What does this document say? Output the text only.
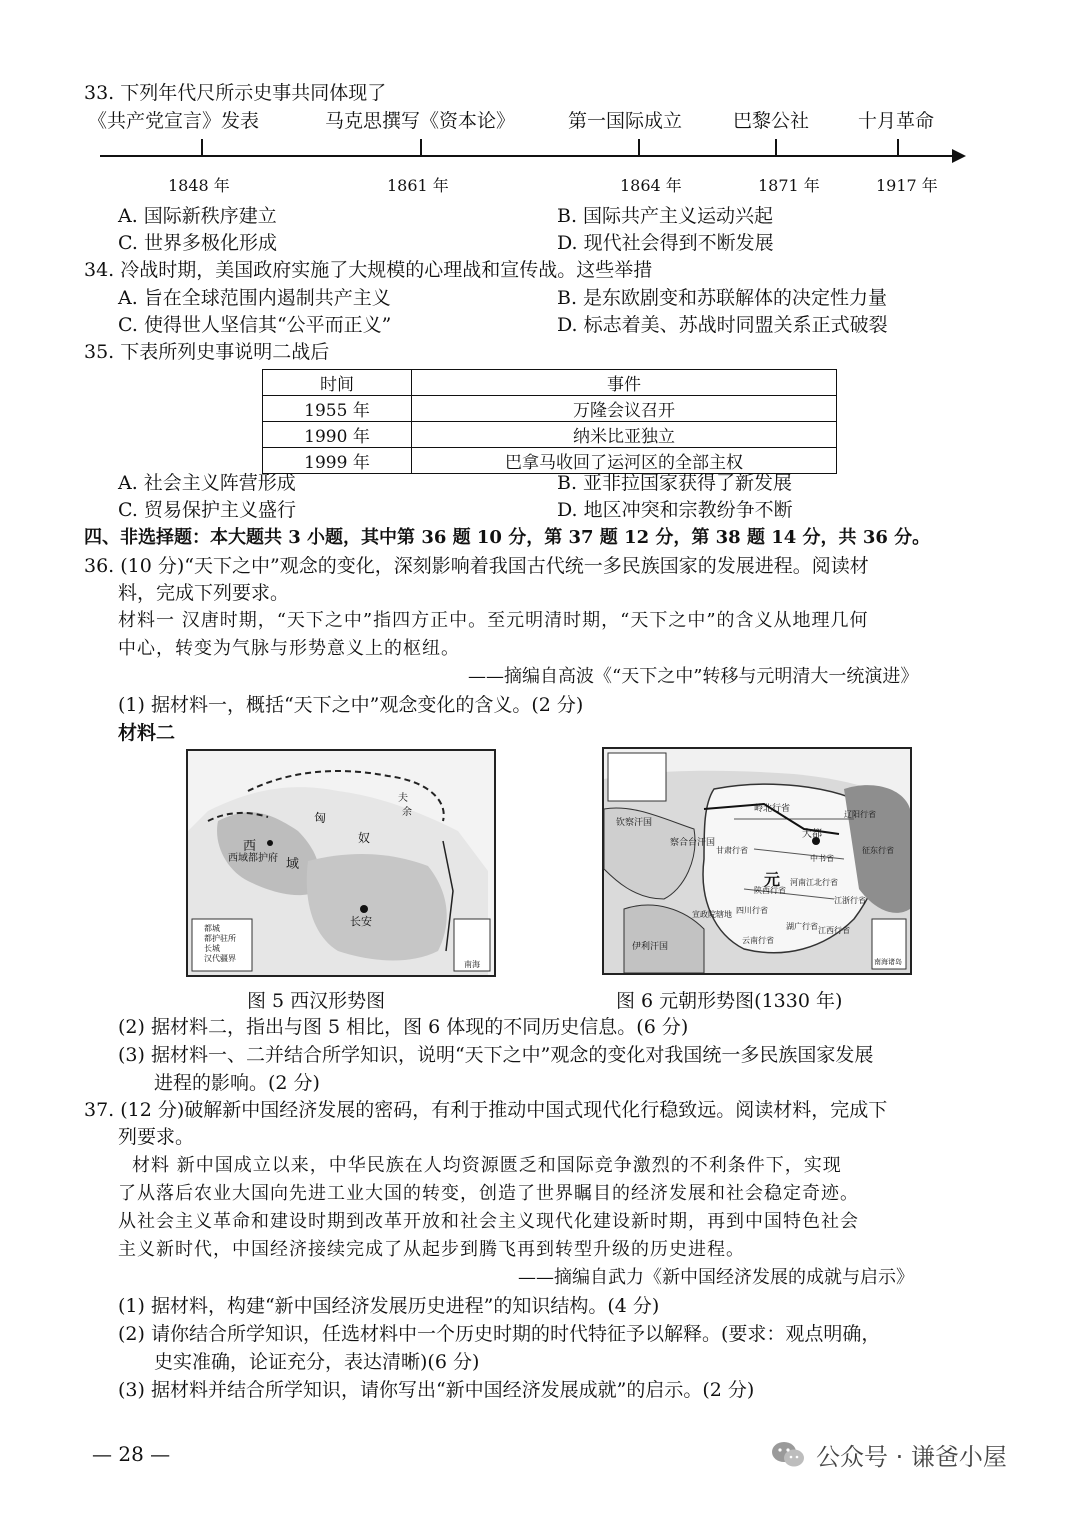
33. 下列年代尺所示史事共同体现了
《共产党宣言》发表	马克思撰写《资本论》	第一国际成立	巴黎公社	十月革命
1848 年	1861 年	1864 年	1871 年	1917 年
A. 国际新秩序建立	B. 国际共产主义运动兴起
C. 世界多极化形成	D. 现代社会得到不断发展
34. 冷战时期，美国政府实施了大规模的心理战和宣传战。这些举措
A. 旨在全球范围内遏制共产主义	B. 是东欧剧变和苏联解体的决定性力量
C. 使得世人坚信其“公平而正义”	D. 标志着美、苏战时同盟关系正式破裂
35. 下表所列史事说明二战后
时间	事件
1955 年	万隆会议召开
1990 年	纳米比亚独立
1999 年	巴拿马收回了运河区的全部主权
A. 社会主义阵营形成	B. 亚非拉国家获得了新发展
C. 贸易保护主义盛行	D. 地区冲突和宗教纷争不断
四、非选择题：本大题共 3 小题，其中第 36 题 10 分，第 37 题 12 分，第 38 题 14 分，共 36 分。
36. (10 分)“天下之中”观念的变化，深刻影响着我国古代统一多民族国家的发展进程。阅读材
料，完成下列要求。
材料一 汉唐时期，“天下之中”指四方正中。至元明清时期，“天下之中”的含义从地理几何
中心，转变为气脉与形势意义上的枢纽。
——摘编自高波《“天下之中”转移与元明清大一统演进》
(1) 据材料一，概括“天下之中”观念变化的含义。(2 分)
材料二
匈
奴
西
域
西域都护府
长安
夫
余
都城
都护驻所
长城
汉代疆界
南海
图 5 西汉形势图
大都
元
察合台汗国
钦察汗国
伊利汗国
岭北行省
辽阳行省
中书省
陕西行省
四川行省
河南江北行省
江浙行省
云南行省
湖广行省 江西行省
甘肃行省
宣政院辖地
征东行省
南海诸岛
图 6 元朝形势图(1330 年)
(2) 据材料二，指出与图 5 相比，图 6 体现的不同历史信息。(6 分)
(3) 据材料一、二并结合所学知识，说明“天下之中”观念的变化对我国统一多民族国家发展
进程的影响。(2 分)
37. (12 分)破解新中国经济发展的密码，有利于推动中国式现代化行稳致远。阅读材料，完成下
列要求。
材料 新中国成立以来，中华民族在人均资源匮乏和国际竞争激烈的不利条件下，实现
了从落后农业大国向先进工业大国的转变，创造了世界瞩目的经济发展和社会稳定奇迹。
从社会主义革命和建设时期到改革开放和社会主义现代化建设新时期，再到中国特色社会
主义新时代，中国经济接续完成了从起步到腾飞再到转型升级的历史进程。
——摘编自武力《新中国经济发展的成就与启示》
(1) 据材料，构建“新中国经济发展历史进程”的知识结构。(4 分)
(2) 请你结合所学知识，任选材料中一个历史时期的时代特征予以解释。(要求：观点明确，
史实准确，论证充分，表达清晰)(6 分)
(3) 据材料并结合所学知识，请你写出“新中国经济发展成就”的启示。(2 分)
— 28 —	公众号 · 谦爸小屋
